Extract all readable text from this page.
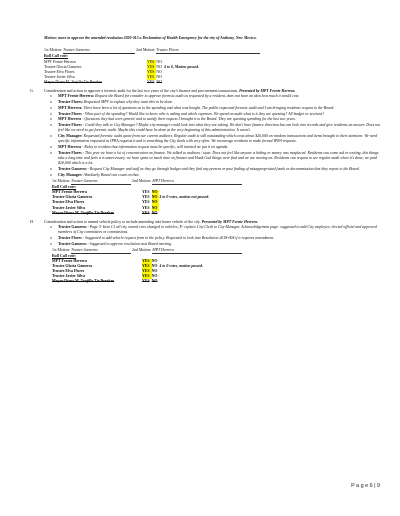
Motion: move to approve the amended resolution 2020-013 a Declaration of Health Emergency for the city of Anthony, New Mexico.
1st Motion: Trustee Gameros	2nd Motion: Trustee Flores
Roll Call vote:
MPT Fernie Herrera	YES	NO	
Trustee Gloria Gameros	YES	NO	4 to 0, Motion passed.
Trustee Elva Flores	YES	NO	
Trustee Javier Silva	YES	NO	
Mayor Diana M. Trujillo Tie Breaker	YES	NO	
G.	Consideration and action to approve a forensic audit for the last two years of the city's finance and procurement transactions. Presented by MPT Fernie Herrera.
o MPT Fernie Herrera: Request the Board for consider to approve forensic audit as requested by a resident, does not have an idea how much it would cost.
o Trustee Flores: Requested MPT to explain why they want this to be done.
o MPT Herrera: There have been a lot of questions as to the spending and what was bought. The public requested forensic audit and I am bringing residents request to the Board.
o Trustee Flores - What part of the spending? Would like to know who is asking and which expenses. We spend on audit what is it they are questing? All budget or sections?
o MPT Herrera - Questions they had were generic and to satisfy their request I brought it to the Board. They are questing spending for the last two years.
o Trustee Flores - Could they talk to City Manager? Maybe city manager could look into what they are asking. We don't have finance direction but can look into records and give residents an answer. Does not feel like we need to get forensic audit. Maybe this could have be done at the very beginning of this administration. It wasn't.
o City Manager: Requested forensic audit quote from our current auditors. Regular audit is still outstanding which costs about $20,000 on random transactions and items brought to their attention. We need specific information requested at IPRA requests it and is something the City deals with very often. We encourage residents to make formal IPRA requests.
o MPT Herrera - Relay to resident that information request must be specific, still insisted we put it on agenda.
o Trustee Flores - This year we have a lot of concentration on finance. We talked to auditors / state. Does not feel like anyone is hiding or money was misplaced. Residents can come ask in writing, this things take a long time and feels it is unnecessary, we have spent so much time on finance and Hank God things were find and we are moving on. Residents can request to see regular audit when it's done, we paid $20,000 which is a lot.
o Trustee Gameros - Request City Manager and staff as they go through budget and they find any present or past finding of misappropriated funds or documentation that they report to the Board.
o City Manager: Absolutely Board can count on that.
1st Motion: Trustee Gameros	2nd Motion: MPT Herrera
Roll Call vote:
MPT Fernie Herrera	YES	NO	
Trustee Gloria Gameros	YES	NO	4 to 0 votes, motion not passed.
Trustee Elva Flores	YES	NO	
Trustee Javier Silva	YES	NO	
Mayor Diana M. Trujillo Tie Breaker	YES	NO	
H.	Consideration and action to amend vehicle policy to include amending take home vehicle of the city. Presented by MPT Fernie Herrera.
o Trustee Gameros - Page 3- Item C1 all city owned cars changed to vehicles; E- replace City Clerk to City Manager. Acknowledgement page: suggested to add City employee, elected official and approved members of City committees or commissions.
o Trustee Flores - Suggested to add vehicle request form to the policy. Requested to look into Resolution 2018-004 if it requires amendment.
o Trustee Gameros - Suggested to approve resolution next Board meeting.
1st Motion: Trustee Gameros	2nd Motion: MPT Herrera
Roll Call vote:
MPT Fernie Herrera	YES	NO	
Trustee Gloria Gameros	YES	NO	4 to 0 votes, motion passed.
Trustee Elva Flores	YES	NO	
Trustee Javier Silva	YES	NO	
Mayor Diana M. Trujillo Tie Breaker	YES	NO	
P a g e 6 | 9
